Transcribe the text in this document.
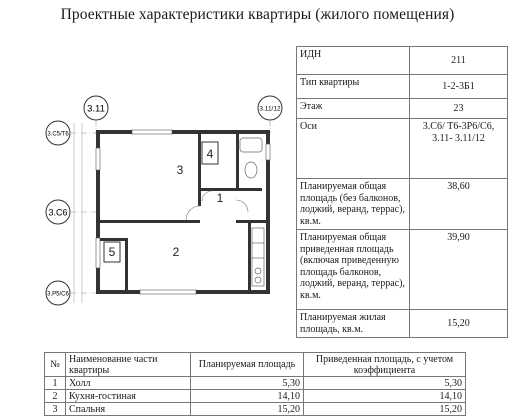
Проектные характеристики квартиры (жилого помещения)
3.11	3.11/12
3.С5/Т6
3.С6
3.Р5/С6
3
4
1
2
5
ИДН	211
Тип квартиры	1-2-3Б1
Этаж	23
Оси	3.С6/ Т6-3Р6/С6, 3.11- 3.11/12
Планируемая общая площадь (без балконов, лоджий, веранд, террас), кв.м.	38,60
Планируемая общая приведенная площадь (включая приведенную площадь балконов, лоджий, веранд, террас), кв.м.	39,90
Планируемая жилая площадь, кв.м.	15,20
№	Наименование части квартиры	Планируемая площадь	Приведенная площадь, с учетом коэффициента
1	Холл	5,30	5,30
2	Кухня-гостиная	14,10	14,10
3	Спальня	15,20	15,20
